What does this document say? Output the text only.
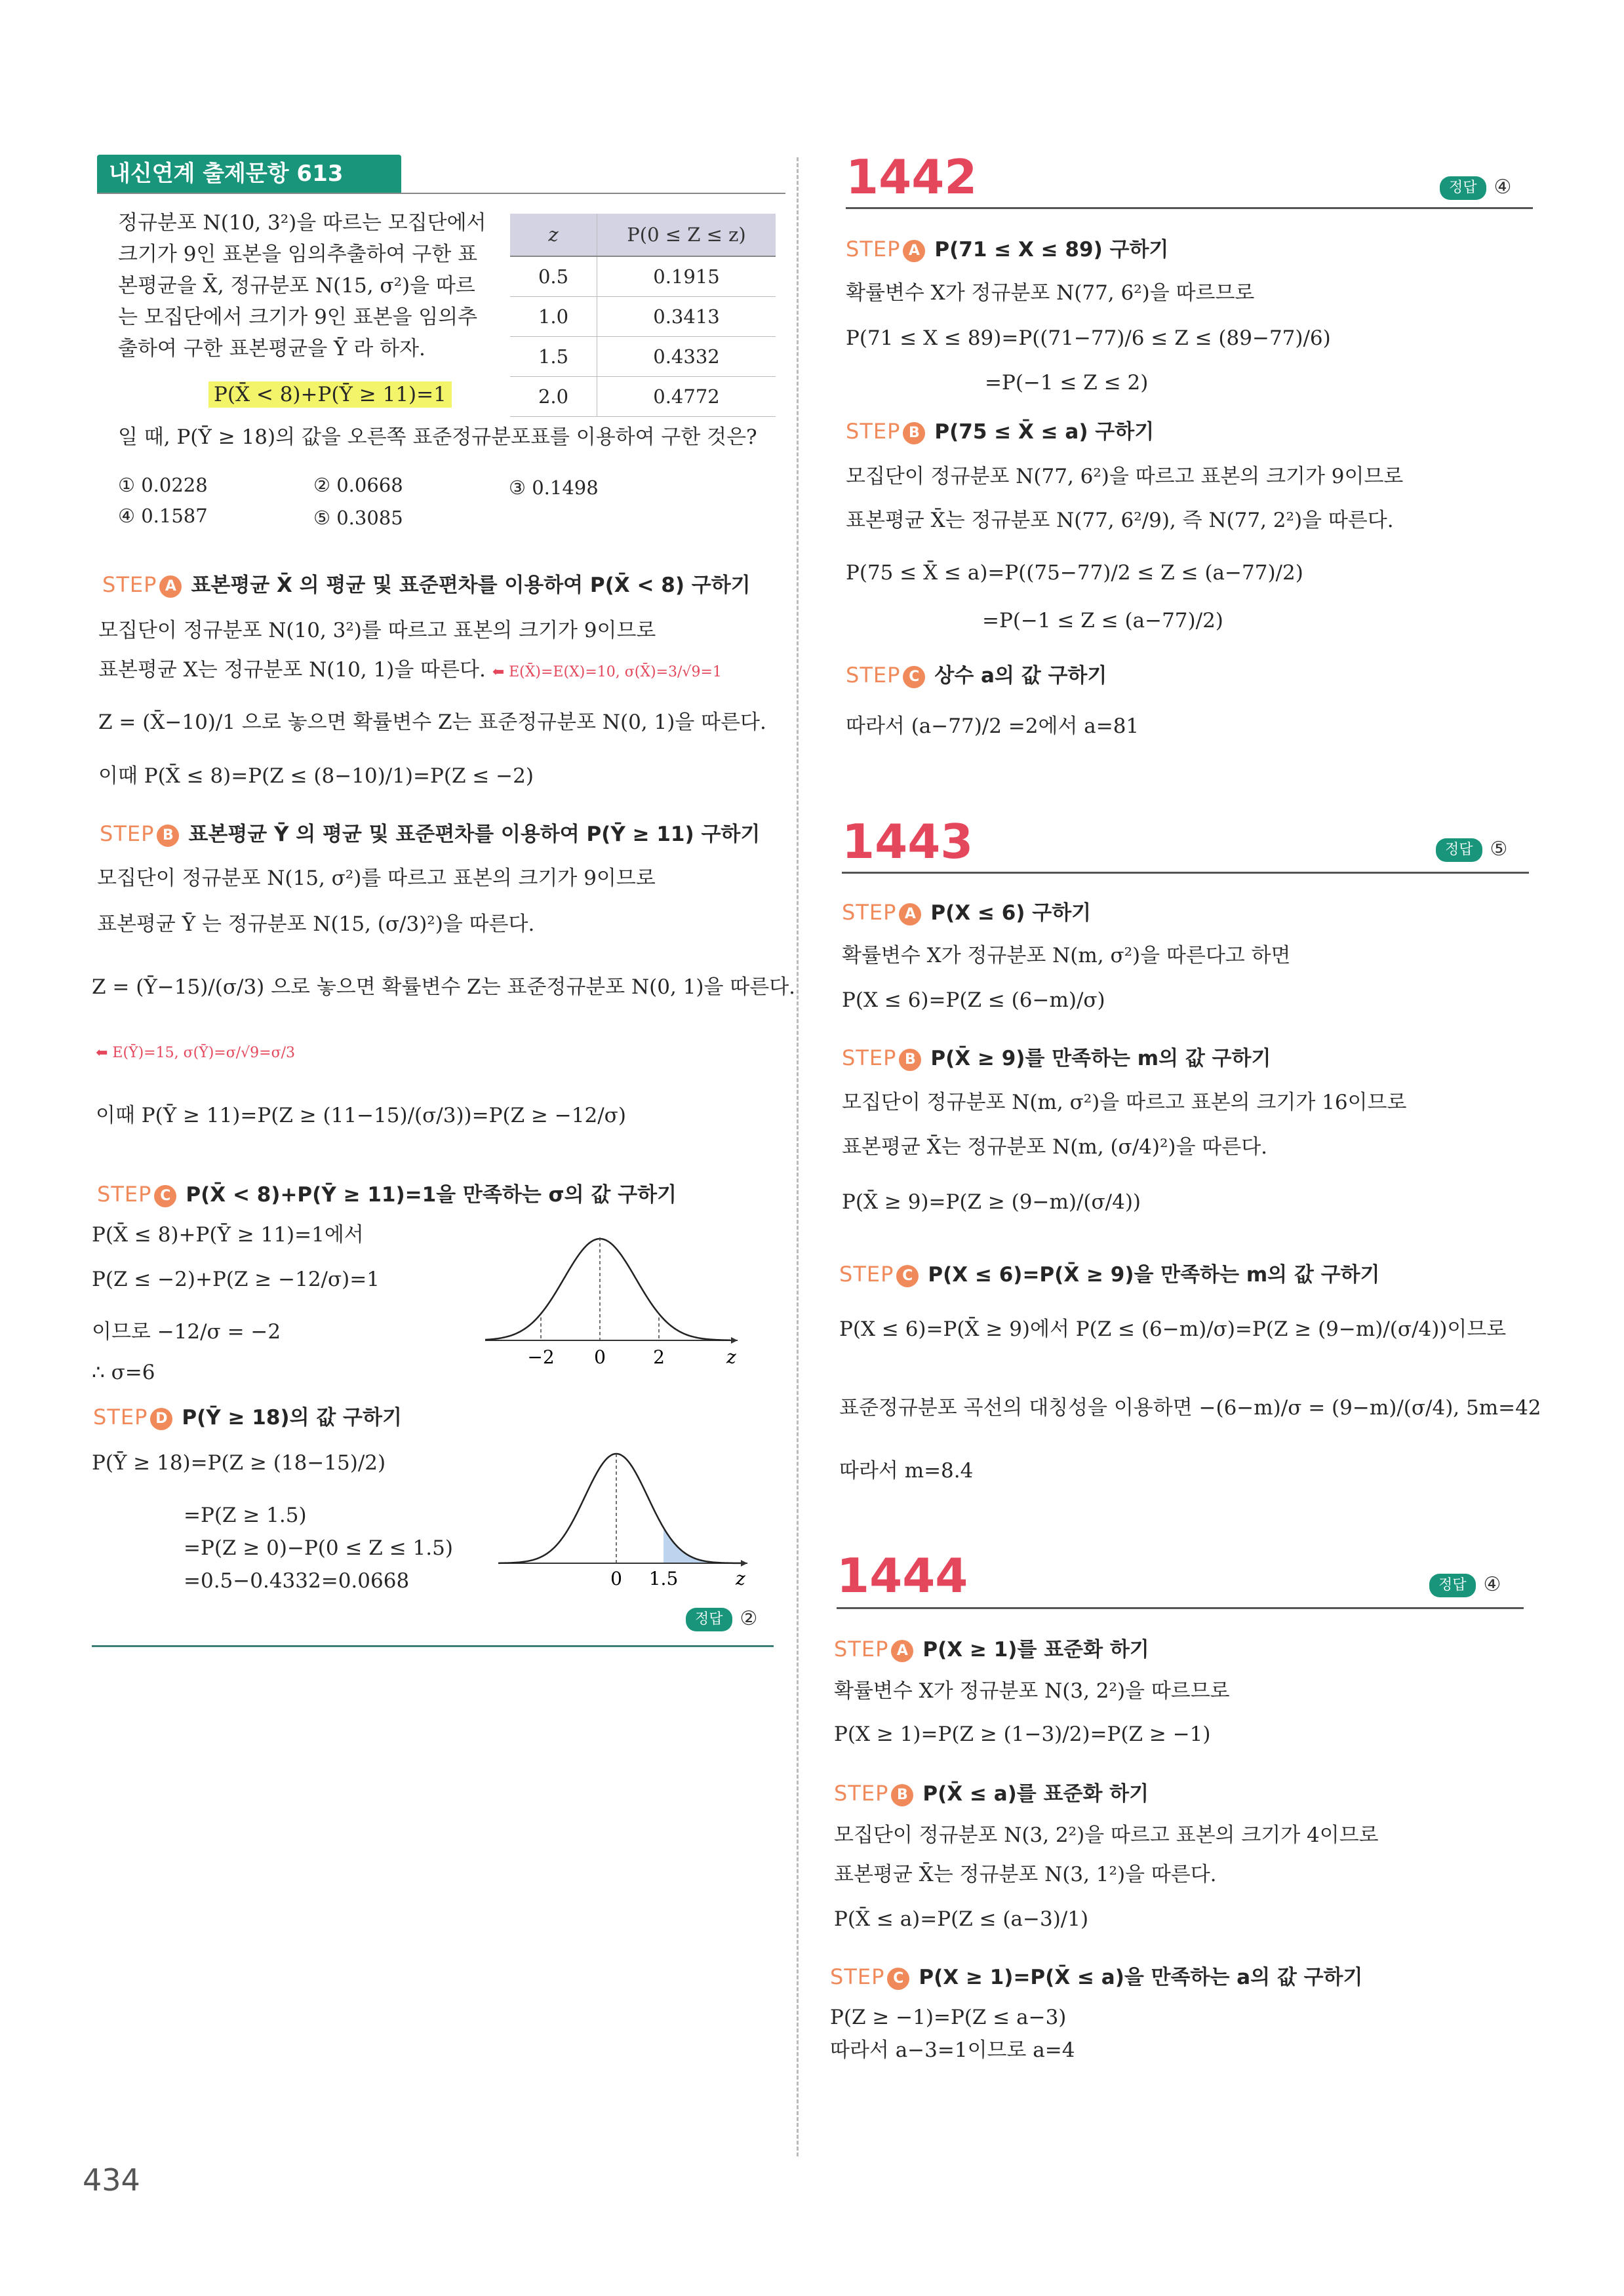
내신연계 출제문항 613
정규분포 N(10, 3²)을 따르는 모집단에서
크기가 9인 표본을 임의추출하여 구한 표
본평균을 X̄, 정규분포 N(15, σ²)을 따르
는 모집단에서 크기가 9인 표본을 임의추
출하여 구한 표본평균을 Ȳ 라 하자.
P(X̄ < 8)+P(Ȳ ≥ 11)=1
일 때, P(Ȳ ≥ 18)의 값을 오른쪽 표준정규분포표를 이용하여 구한 것은?
z	P(0 ≤ Z ≤ z)
0.5	0.1915
1.0	0.3413
1.5	0.4332
2.0	0.4772
① 0.0228	② 0.0668	③ 0.1498
④ 0.1587	⑤ 0.3085
STEP A 표본평균 X̄ 의 평균 및 표준편차를 이용하여 P(X̄ < 8) 구하기
모집단이 정규분포 N(10, 3²)를 따르고 표본의 크기가 9이므로
표본평균 X는 정규분포 N(10, 1)을 따른다. ⬅ E(X̄)=E(X)=10, σ(X̄)=3/√9=1
Z = (X̄−10)/1 으로 놓으면 확률변수 Z는 표준정규분포 N(0, 1)을 따른다.
이때 P(X̄ ≤ 8)=P(Z ≤ (8−10)/1)=P(Z ≤ −2)
STEP B 표본평균 Ȳ 의 평균 및 표준편차를 이용하여 P(Ȳ ≥ 11) 구하기
모집단이 정규분포 N(15, σ²)를 따르고 표본의 크기가 9이므로
표본평균 Ȳ 는 정규분포 N(15, (σ/3)²)을 따른다.
Z = (Ȳ−15)/(σ/3) 으로 놓으면 확률변수 Z는 표준정규분포 N(0, 1)을 따른다.
⬅ E(Ȳ)=15, σ(Ȳ)=σ/√9=σ/3
이때 P(Ȳ ≥ 11)=P(Z ≥ (11−15)/(σ/3))=P(Z ≥ −12/σ)
STEP C P(X̄ < 8)+P(Ȳ ≥ 11)=1을 만족하는 σ의 값 구하기
P(X̄ ≤ 8)+P(Ȳ ≥ 11)=1에서
P(Z ≤ −2)+P(Z ≥ −12/σ)=1
이므로 −12/σ = −2
∴ σ=6
−2 0	2	z
STEP D P(Ȳ ≥ 18)의 값 구하기
P(Ȳ ≥ 18)=P(Z ≥ (18−15)/2)
=P(Z ≥ 1.5)
=P(Z ≥ 0)−P(0 ≤ Z ≤ 1.5)
=0.5−0.4332=0.0668	0 1.5	z
정답 ②
1442	정답 ④
STEP A P(71 ≤ X ≤ 89) 구하기
확률변수 X가 정규분포 N(77, 6²)을 따르므로
P(71 ≤ X ≤ 89)=P((71−77)/6 ≤ Z ≤ (89−77)/6)
=P(−1 ≤ Z ≤ 2)
STEP B P(75 ≤ X̄ ≤ a) 구하기
모집단이 정규분포 N(77, 6²)을 따르고 표본의 크기가 9이므로
표본평균 X̄는 정규분포 N(77, 6²/9), 즉 N(77, 2²)을 따른다.
P(75 ≤ X̄ ≤ a)=P((75−77)/2 ≤ Z ≤ (a−77)/2)
=P(−1 ≤ Z ≤ (a−77)/2)
STEP C 상수 a의 값 구하기
따라서 (a−77)/2 =2에서 a=81
1443	정답 ⑤
STEP A P(X ≤ 6) 구하기
확률변수 X가 정규분포 N(m, σ²)을 따른다고 하면
P(X ≤ 6)=P(Z ≤ (6−m)/σ)
STEP B P(X̄ ≥ 9)를 만족하는 m의 값 구하기
모집단이 정규분포 N(m, σ²)을 따르고 표본의 크기가 16이므로
표본평균 X̄는 정규분포 N(m, (σ/4)²)을 따른다.
P(X̄ ≥ 9)=P(Z ≥ (9−m)/(σ/4))
STEP C P(X ≤ 6)=P(X̄ ≥ 9)을 만족하는 m의 값 구하기
P(X ≤ 6)=P(X̄ ≥ 9)에서 P(Z ≤ (6−m)/σ)=P(Z ≥ (9−m)/(σ/4))이므로
표준정규분포 곡선의 대칭성을 이용하면 −(6−m)/σ = (9−m)/(σ/4), 5m=42
따라서 m=8.4
1444	정답 ④
STEP A P(X ≥ 1)를 표준화 하기
확률변수 X가 정규분포 N(3, 2²)을 따르므로
P(X ≥ 1)=P(Z ≥ (1−3)/2)=P(Z ≥ −1)
STEP B P(X̄ ≤ a)를 표준화 하기
모집단이 정규분포 N(3, 2²)을 따르고 표본의 크기가 4이므로
표본평균 X̄는 정규분포 N(3, 1²)을 따른다.
P(X̄ ≤ a)=P(Z ≤ (a−3)/1)
STEP C P(X ≥ 1)=P(X̄ ≤ a)을 만족하는 a의 값 구하기
P(Z ≥ −1)=P(Z ≤ a−3)
따라서 a−3=1이므로 a=4
434
